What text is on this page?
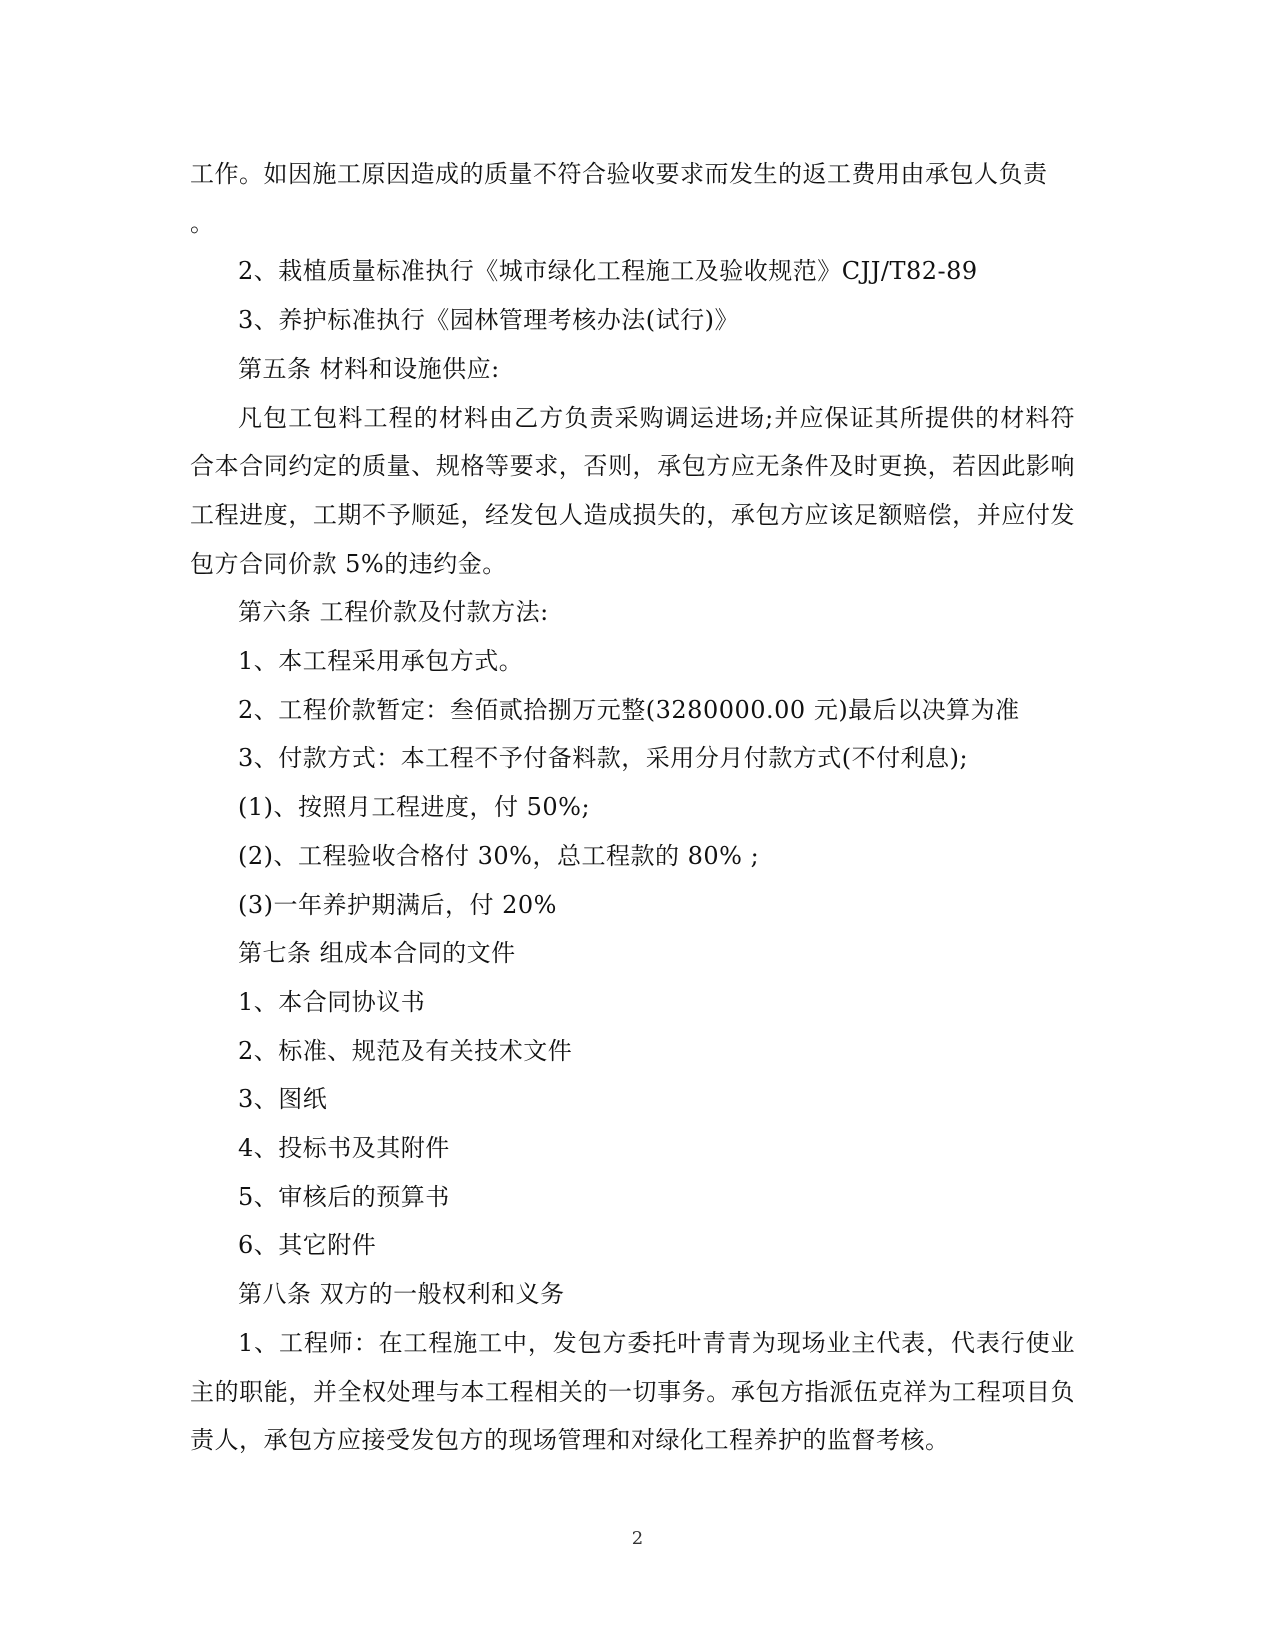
工作。如因施工原因造成的质量不符合验收要求而发生的返工费用由承包人负责

。

2、栽植质量标准执行《城市绿化工程施工及验收规范》CJJ/T82-89

3、养护标准执行《园林管理考核办法(试行)》

第五条 材料和设施供应:

凡包工包料工程的材料由乙方负责采购调运进场;并应保证其所提供的材料符合本合同约定的质量、规格等要求，否则，承包方应无条件及时更换，若因此影响工程进度，工期不予顺延，经发包人造成损失的，承包方应该足额赔偿，并应付发包方合同价款 5%的违约金。

第六条 工程价款及付款方法:

1、本工程采用承包方式。

2、工程价款暂定：叁佰贰拾捌万元整(3280000.00 元)最后以决算为准

3、付款方式：本工程不予付备料款，采用分月付款方式(不付利息);

(1)、按照月工程进度，付 50%;

(2)、工程验收合格付 30%，总工程款的 80% ;

(3)一年养护期满后，付 20%

第七条 组成本合同的文件

1、本合同协议书

2、标准、规范及有关技术文件

3、图纸

4、投标书及其附件

5、审核后的预算书

6、其它附件

第八条 双方的一般权利和义务

1、工程师：在工程施工中，发包方委托叶青青为现场业主代表，代表行使业主的职能，并全权处理与本工程相关的一切事务。承包方指派伍克祥为工程项目负责人，承包方应接受发包方的现场管理和对绿化工程养护的监督考核。

2
